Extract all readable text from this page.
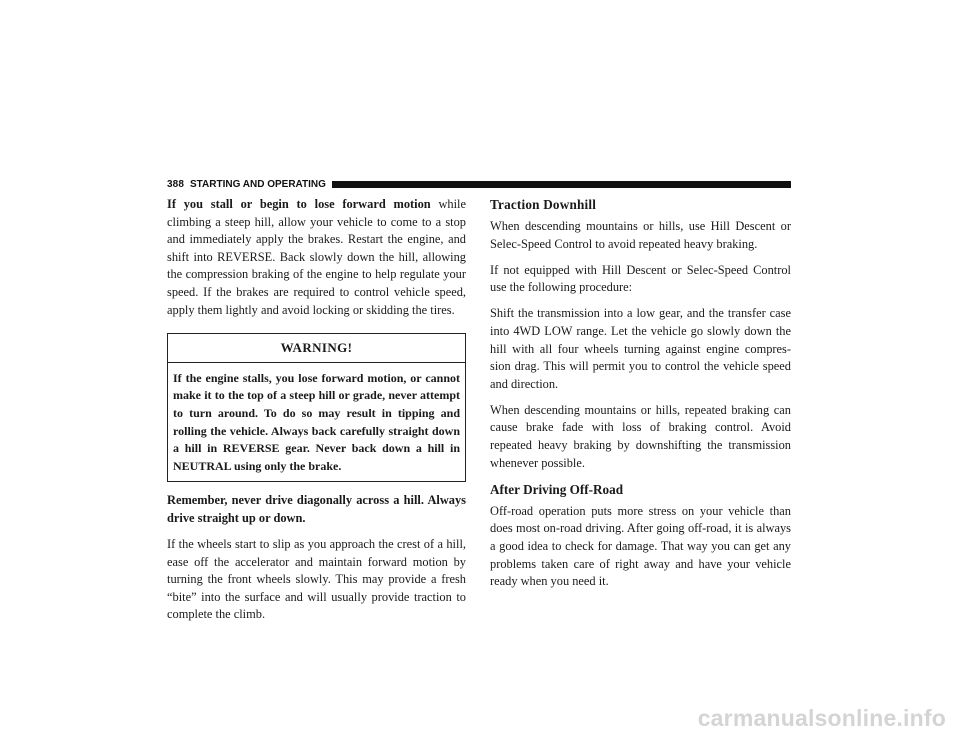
388 STARTING AND OPERATING

If you stall or begin to lose forward motion while climbing a steep hill, allow your vehicle to come to a stop and immediately apply the brakes. Restart the engine, and shift into REVERSE. Back slowly down the hill, allowing the compression braking of the engine to help regulate your speed. If the brakes are required to control vehicle speed, apply them lightly and avoid locking or skidding the tires.

WARNING!
If the engine stalls, you lose forward motion, or cannot make it to the top of a steep hill or grade, never attempt to turn around. To do so may result in tipping and rolling the vehicle. Always back carefully straight down a hill in REVERSE gear. Never back down a hill in NEUTRAL using only the brake.

Remember, never drive diagonally across a hill. Always drive straight up or down.

If the wheels start to slip as you approach the crest of a hill, ease off the accelerator and maintain forward motion by turning the front wheels slowly. This may provide a fresh “bite” into the surface and will usually provide traction to complete the climb.

Traction Downhill

When descending mountains or hills, use Hill Descent or Selec-Speed Control to avoid repeated heavy braking.

If not equipped with Hill Descent or Selec-Speed Control use the following procedure:

Shift the transmission into a low gear, and the transfer case into 4WD LOW range. Let the vehicle go slowly down the hill with all four wheels turning against engine compres-sion drag. This will permit you to control the vehicle speed and direction.

When descending mountains or hills, repeated braking can cause brake fade with loss of braking control. Avoid repeated heavy braking by downshifting the transmission whenever possible.

After Driving Off-Road

Off-road operation puts more stress on your vehicle than does most on-road driving. After going off-road, it is always a good idea to check for damage. That way you can get any problems taken care of right away and have your vehicle ready when you need it.

carmanualsonline.info
